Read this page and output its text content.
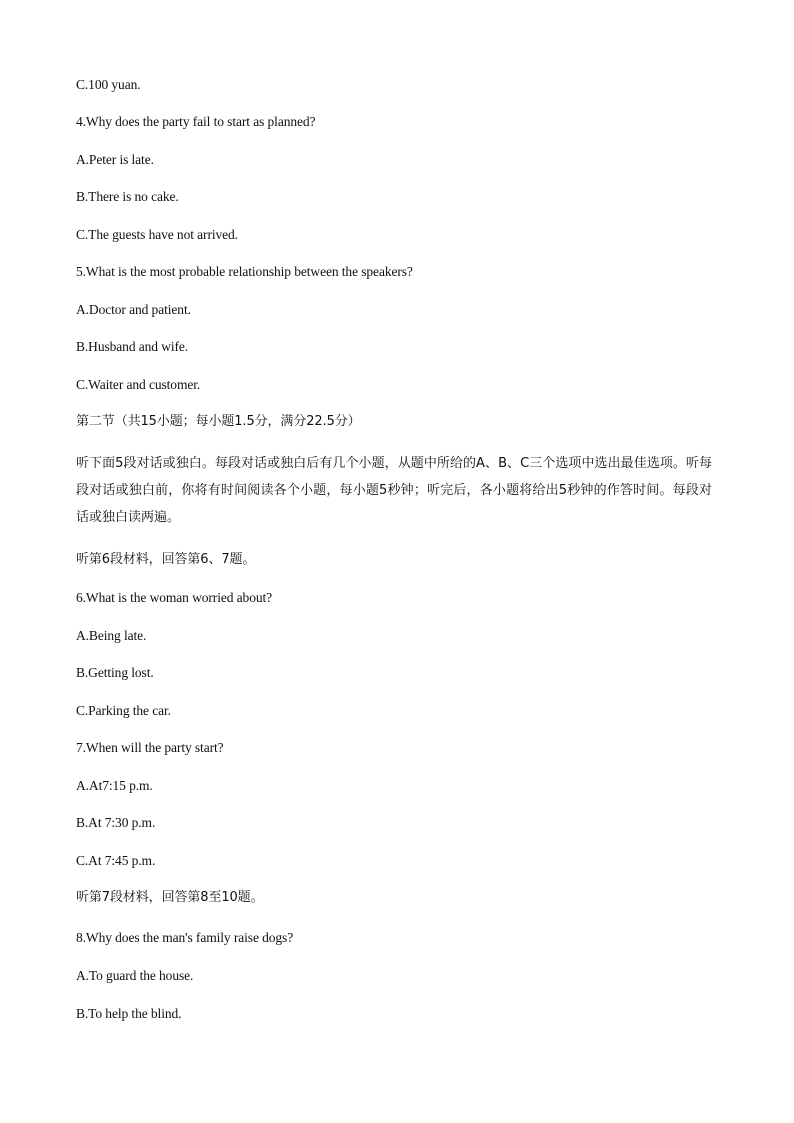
C.100 yuan.

4.Why does the party fail to start as planned?

A.Peter is late.

B.There is no cake.

C.The guests have not arrived.

5.What is the most probable relationship between the speakers?

A.Doctor and patient.

B.Husband and wife.

C.Waiter and customer.

第二节（共15小题；每小题1.5分，满分22.5分）

听下面5段对话或独白。每段对话或独白后有几个小题，从题中所给的A、B、C三个选项中选出最佳选项。听每段对话或独白前，你将有时间阅读各个小题，每小题5秒钟；听完后，各小题将给出5秒钟的作答时间。每段对话或独白读两遍。

听第6段材料，回答第6、7题。

6.What is the woman worried about?

A.Being late.

B.Getting lost.

C.Parking the car.

7.When will the party start?

A.At7:15 p.m.

B.At 7:30 p.m.

C.At 7:45 p.m.

听第7段材料，回答第8至10题。

8.Why does the man's family raise dogs?

A.To guard the house.

B.To help the blind.
